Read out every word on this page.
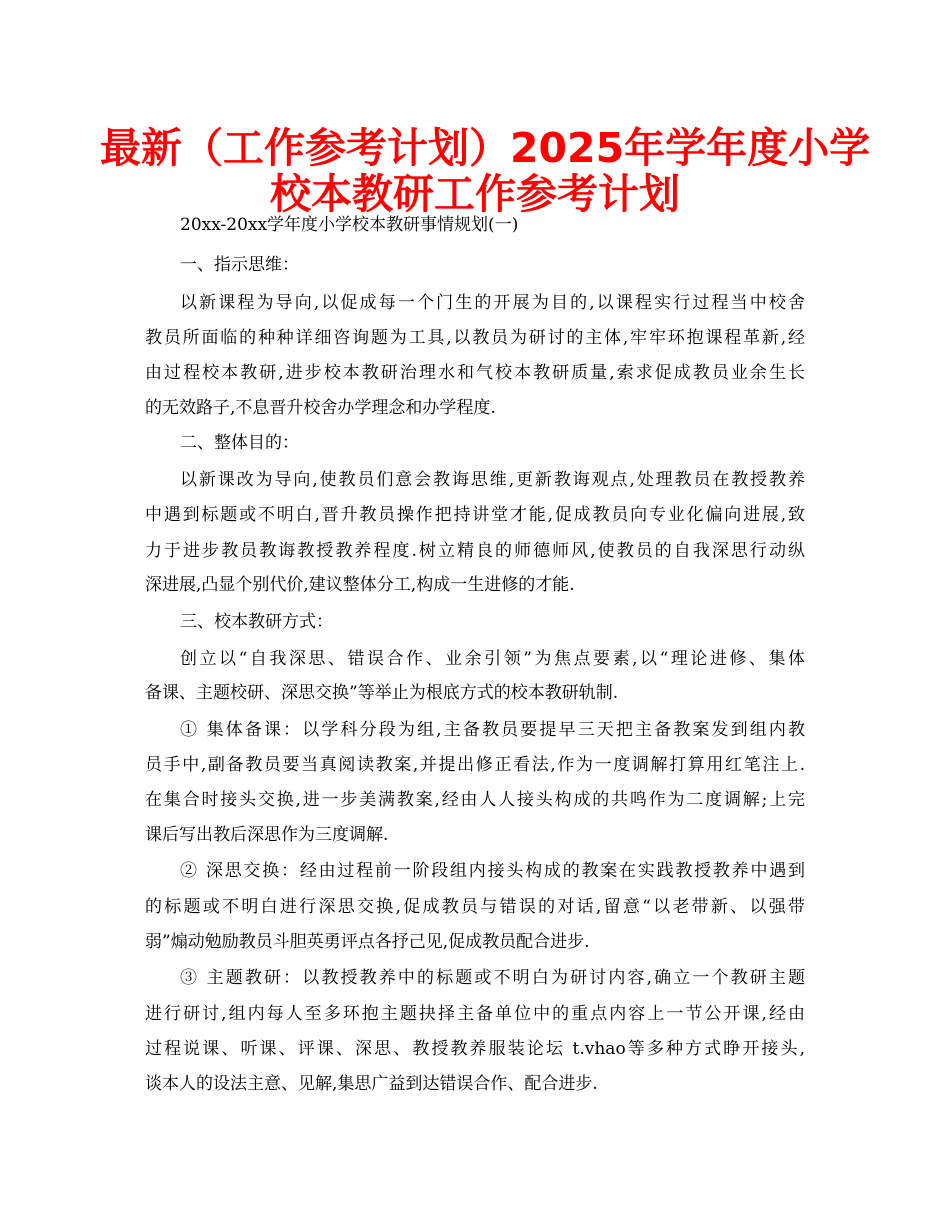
最新（工作参考计划）2025年学年度小学
校本教研工作参考计划
20xx-20xx学年度小学校本教研事情规划(一)
一、指示思维：
以新课程为导向,以促成每一个门生的开展为目的,以课程实行过程当中校舍
教员所面临的种种详细咨询题为工具,以教员为研讨的主体,牢牢环抱课程革新,经
由过程校本教研,进步校本教研治理水和气校本教研质量,索求促成教员业余生长
的无效路子,不息晋升校舍办学理念和办学程度.
二、整体目的：
以新课改为导向,使教员们意会教诲思维,更新教诲观点,处理教员在教授教养
中遇到标题或不明白,晋升教员操作把持讲堂才能,促成教员向专业化偏向进展,致
力于进步教员教诲教授教养程度.树立精良的师德师风,使教员的自我深思行动纵
深进展,凸显个别代价,建议整体分工,构成一生进修的才能.
三、校本教研方式：
创立以“自我深思、错误合作、业余引领”为焦点要素,以“理论进修、集体
备课、主题校研、深思交换”等举止为根底方式的校本教研轨制.
① 集体备课：以学科分段为组,主备教员要提早三天把主备教案发到组内教
员手中,副备教员要当真阅读教案,并提出修正看法,作为一度调解打算用红笔注上.
在集合时接头交换,进一步美满教案,经由人人接头构成的共鸣作为二度调解;上完
课后写出教后深思作为三度调解.
② 深思交换：经由过程前一阶段组内接头构成的教案在实践教授教养中遇到
的标题或不明白进行深思交换,促成教员与错误的对话,留意“以老带新、以强带
弱”煽动勉励教员斗胆英勇评点各抒己见,促成教员配合进步.
③ 主题教研：以教授教养中的标题或不明白为研讨内容,确立一个教研主题
进行研讨,组内每人至多环抱主题抉择主备单位中的重点内容上一节公开课,经由
过程说课、听课、评课、深思、教授教养服装论坛 t.vhao等多种方式睁开接头,
谈本人的设法主意、见解,集思广益到达错误合作、配合进步.
